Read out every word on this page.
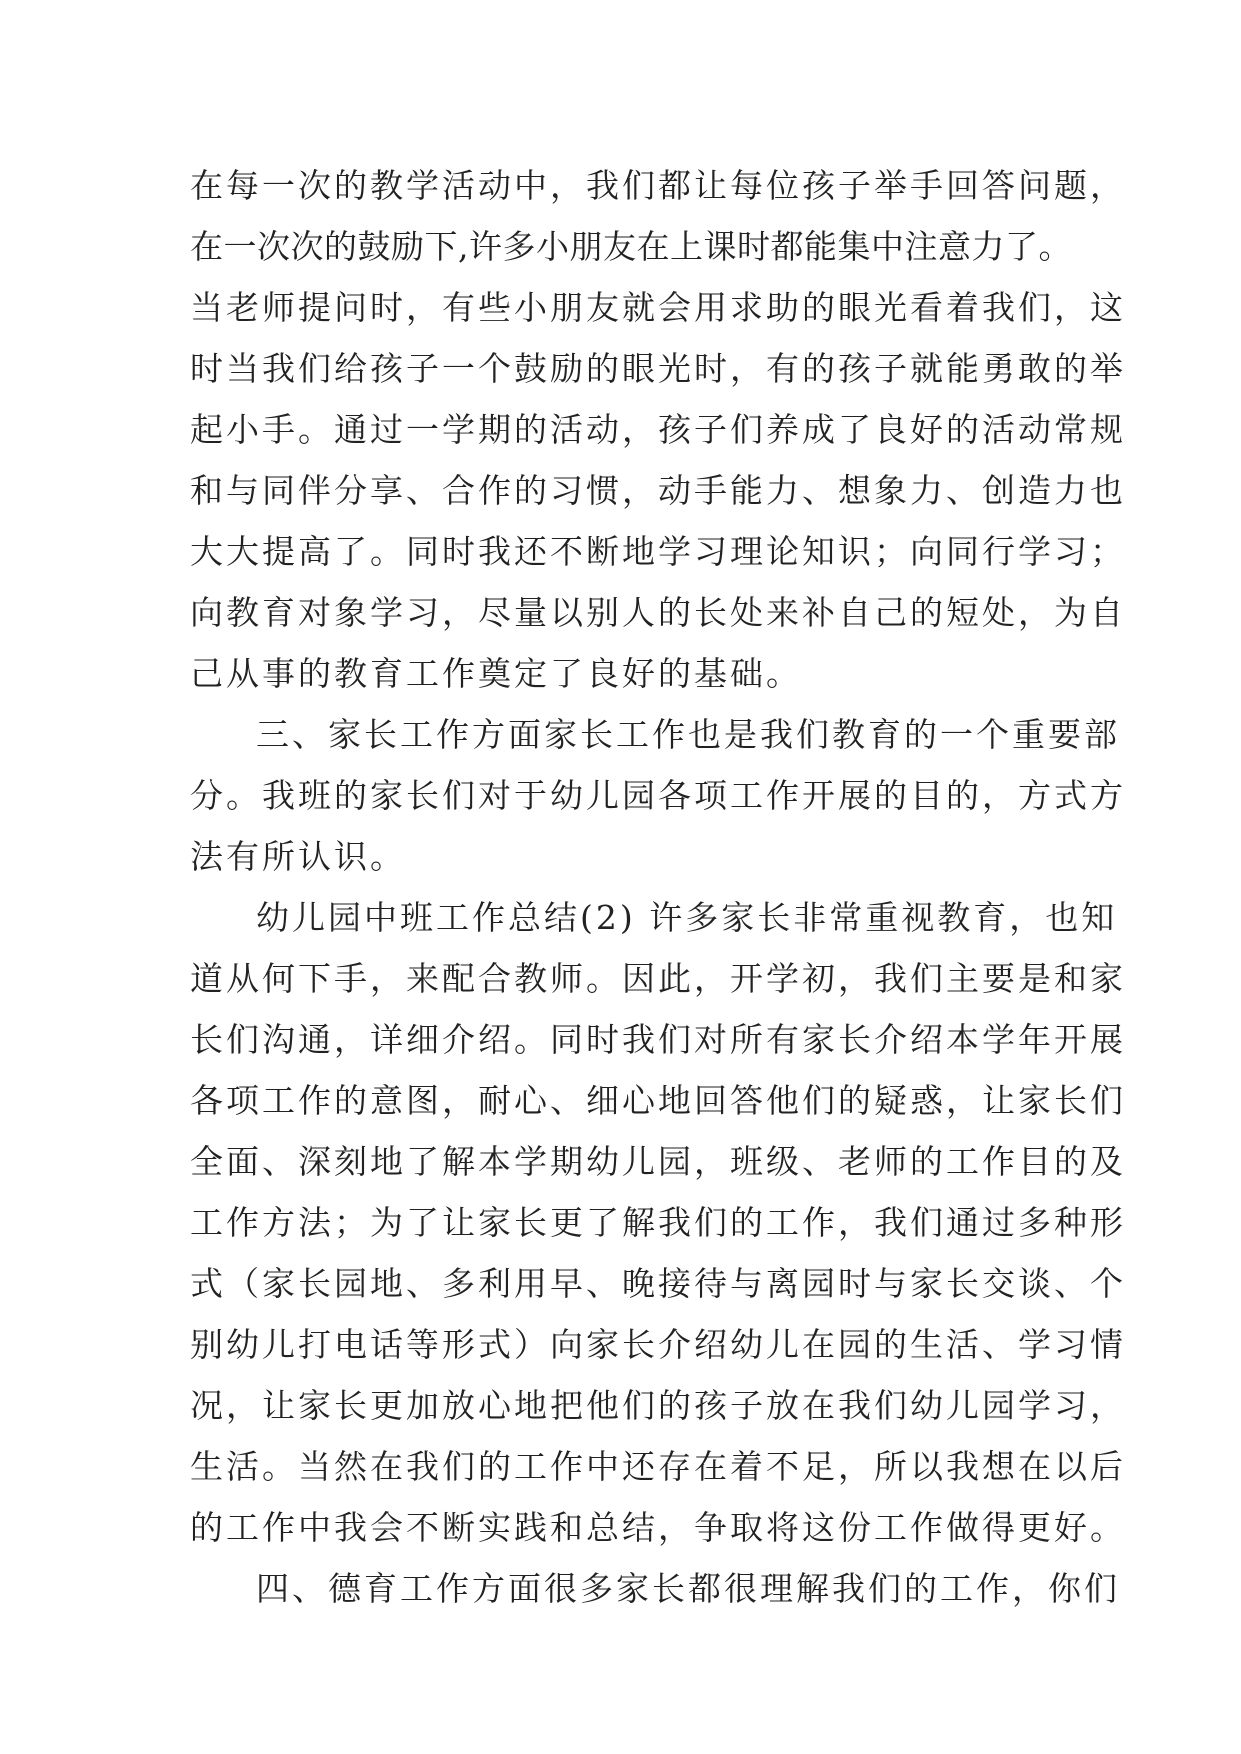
在每一次的教学活动中，我们都让每位孩子举手回答问题，
在一次次的鼓励下,许多小朋友在上课时都能集中注意力了。
当老师提问时，有些小朋友就会用求助的眼光看着我们，这
时当我们给孩子一个鼓励的眼光时，有的孩子就能勇敢的举
起小手。通过一学期的活动，孩子们养成了良好的活动常规
和与同伴分享、合作的习惯，动手能力、想象力、创造力也
大大提高了。同时我还不断地学习理论知识；向同行学习；
向教育对象学习，尽量以别人的长处来补自己的短处，为自
己从事的教育工作奠定了良好的基础。
三、家长工作方面家长工作也是我们教育的一个重要部
分。我班的家长们对于幼儿园各项工作开展的目的，方式方
法有所认识。
幼儿园中班工作总结(2) 许多家长非常重视教育，也知
道从何下手，来配合教师。因此，开学初，我们主要是和家
长们沟通，详细介绍。同时我们对所有家长介绍本学年开展
各项工作的意图，耐心、细心地回答他们的疑惑，让家长们
全面、深刻地了解本学期幼儿园，班级、老师的工作目的及
工作方法；为了让家长更了解我们的工作，我们通过多种形
式（家长园地、多利用早、晚接待与离园时与家长交谈、个
别幼儿打电话等形式）向家长介绍幼儿在园的生活、学习情
况，让家长更加放心地把他们的孩子放在我们幼儿园学习，
生活。当然在我们的工作中还存在着不足，所以我想在以后
的工作中我会不断实践和总结，争取将这份工作做得更好。
四、德育工作方面很多家长都很理解我们的工作，你们
